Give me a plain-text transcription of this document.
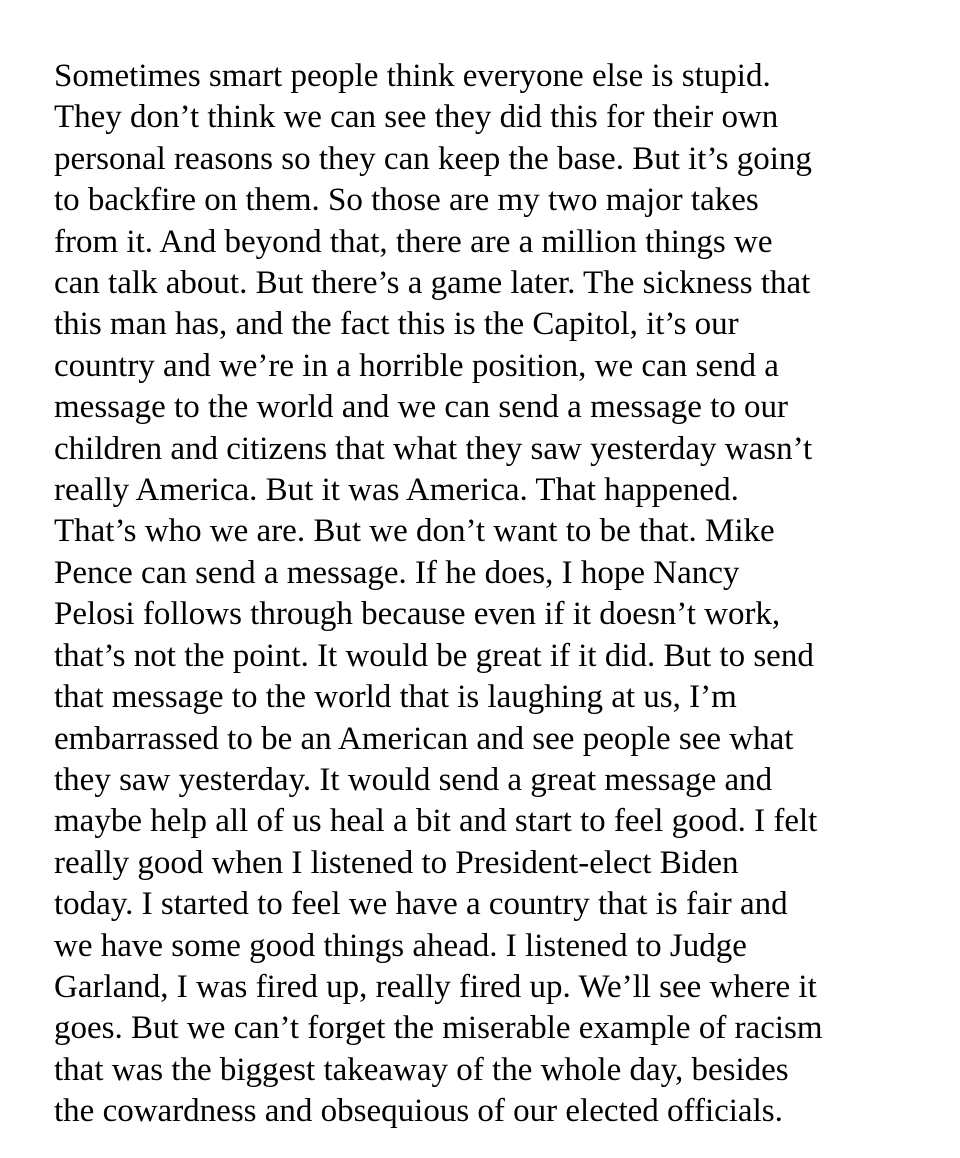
Sometimes smart people think everyone else is stupid.
They don’t think we can see they did this for their own
personal reasons so they can keep the base. But it’s going
to backfire on them. So those are my two major takes
from it. And beyond that, there are a million things we
can talk about. But there’s a game later. The sickness that
this man has, and the fact this is the Capitol, it’s our
country and we’re in a horrible position, we can send a
message to the world and we can send a message to our
children and citizens that what they saw yesterday wasn’t
really America. But it was America. That happened.
That’s who we are. But we don’t want to be that. Mike
Pence can send a message. If he does, I hope Nancy
Pelosi follows through because even if it doesn’t work,
that’s not the point. It would be great if it did. But to send
that message to the world that is laughing at us, I’m
embarrassed to be an American and see people see what
they saw yesterday. It would send a great message and
maybe help all of us heal a bit and start to feel good. I felt
really good when I listened to President-elect Biden
today. I started to feel we have a country that is fair and
we have some good things ahead. I listened to Judge
Garland, I was fired up, really fired up. We’ll see where it
goes. But we can’t forget the miserable example of racism
that was the biggest takeaway of the whole day, besides
the cowardness and obsequious of our elected officials.
